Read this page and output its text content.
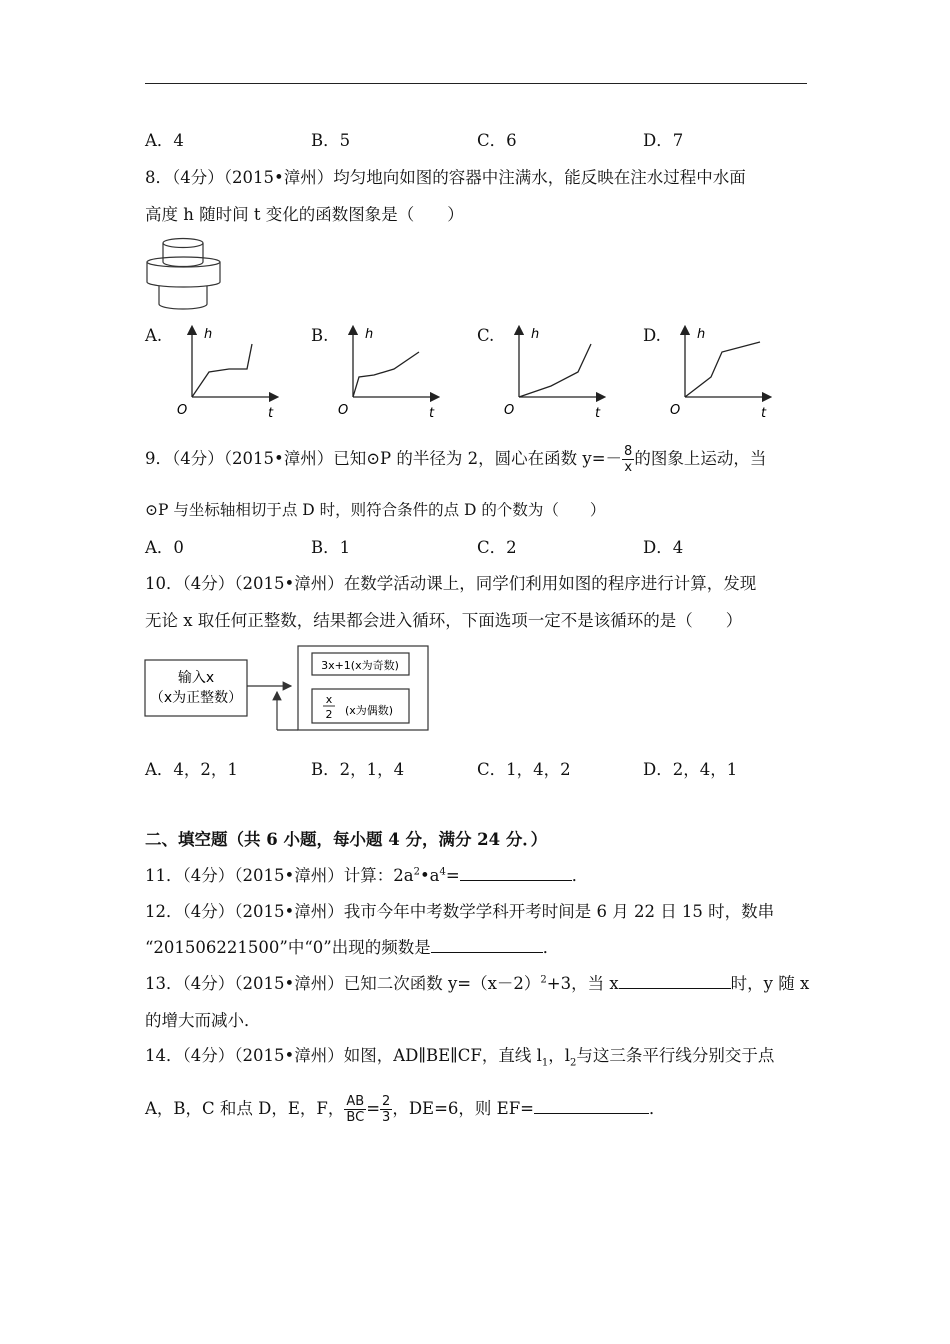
A．4	B．5	C．6	D．7
8．（4分）（2015•漳州）均匀地向如图的容器中注满水，能反映在注水过程中水面
高度 h 随时间 t 变化的函数图象是（　　）
A.	B.	C.	D.
h
t
O
h
t
O
h
t
O
h
t
O
9．（4分）（2015•漳州）已知⊙P 的半径为 2，圆心在函数 $y=- \frac{8}{x}$ 的图象上运动，当
⊙P 与坐标轴相切于点 D 时，则符合条件的点 D 的个数为（　　）
A．0	B．1	C．2	D．4
10．（4分）（2015•漳州）在数学活动课上，同学们利用如图的程序进行计算，发现
无论 x 取任何正整数，结果都会进入循环，下面选项一定不是该循环的是（　　）
输入x
（x为正整数）
3x+1(x为奇数)
x
2 (x为偶数)
A．4，2，1	B．2，1，4	C．1，4，2	D．2，4，1
二、填空题（共 6 小题，每小题 4 分，满分 24 分．）
11．（4分）（2015•漳州）计算：$2a^2•a^4=$	．
12．（4分）（2015•漳州）我市今年中考数学学科开考时间是 6 月 22 日 15 时，数串
“201506221500”中“0”出现的频数是	．
13．（4分）（2015•漳州）已知二次函数 $y=(x-2)^2+3$，当 x	时，y 随 x
的增大而减小．
14．（4分）（2015•漳州）如图，AD∥BE∥CF，直线 $l_1$，$l_2$与这三条平行线分别交于点
A，B，C 和点 D，E，F， $\frac{AB}{BC} = \frac{2}{3}$ ，DE=6，则 EF=	．
